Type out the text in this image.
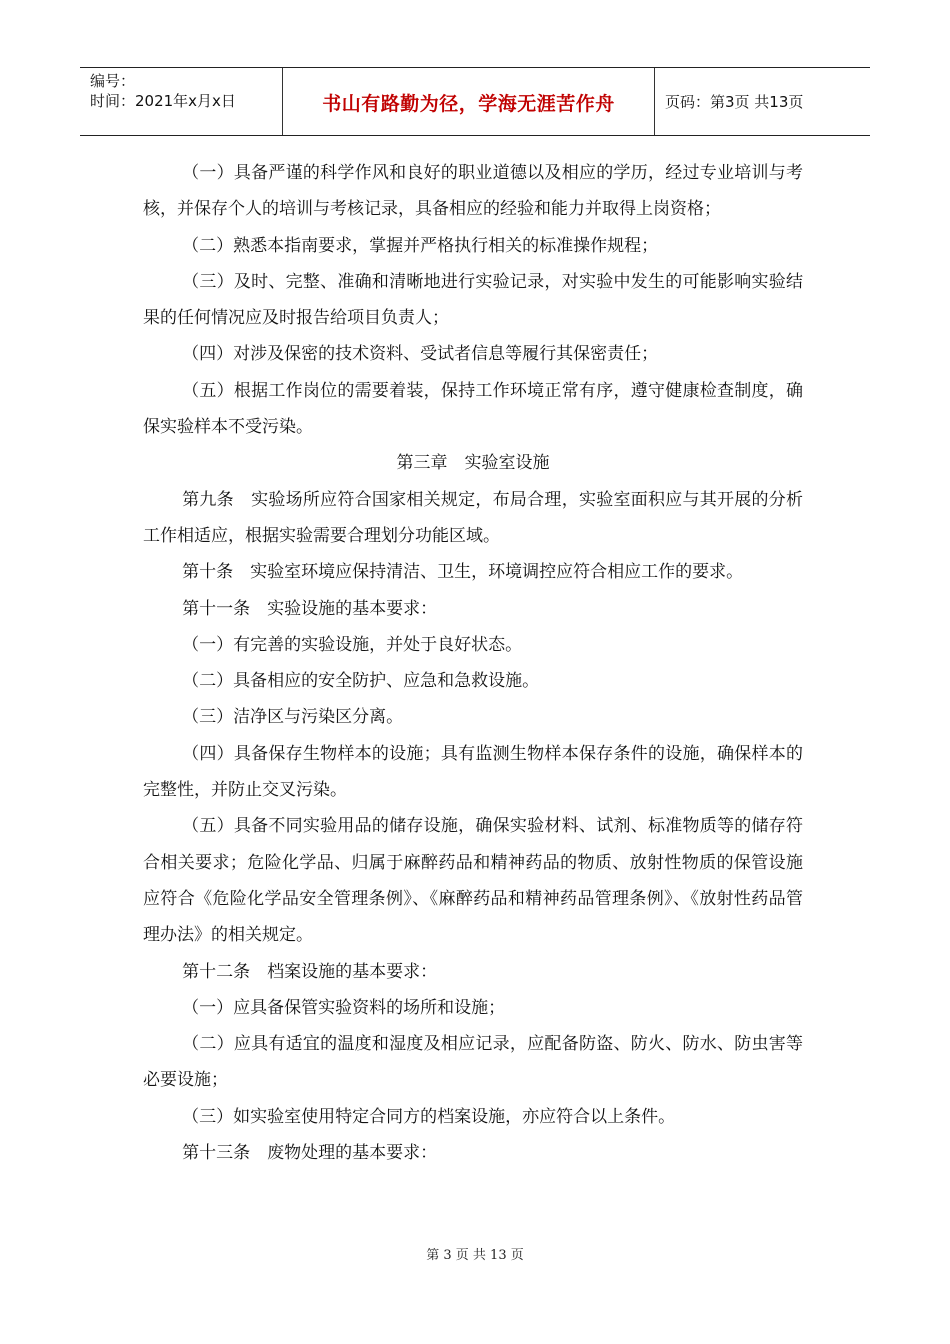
编号：
时间：2021年x月x日	书山有路勤为径，学海无涯苦作舟	页码：第3页 共13页

（一）具备严谨的科学作风和良好的职业道德以及相应的学历，经过专业培训与考核，并保存个人的培训与考核记录，具备相应的经验和能力并取得上岗资格；

（二）熟悉本指南要求，掌握并严格执行相关的标准操作规程；

（三）及时、完整、准确和清晰地进行实验记录，对实验中发生的可能影响实验结果的任何情况应及时报告给项目负责人；

（四）对涉及保密的技术资料、受试者信息等履行其保密责任；

（五）根据工作岗位的需要着装，保持工作环境正常有序，遵守健康检查制度，确保实验样本不受污染。

第三章　实验室设施

第九条　实验场所应符合国家相关规定，布局合理，实验室面积应与其开展的分析工作相适应，根据实验需要合理划分功能区域。

第十条　实验室环境应保持清洁、卫生，环境调控应符合相应工作的要求。

第十一条　实验设施的基本要求：

（一）有完善的实验设施，并处于良好状态。

（二）具备相应的安全防护、应急和急救设施。

（三）洁净区与污染区分离。

（四）具备保存生物样本的设施；具有监测生物样本保存条件的设施，确保样本的完整性，并防止交叉污染。

（五）具备不同实验用品的储存设施，确保实验材料、试剂、标准物质等的储存符合相关要求；危险化学品、归属于麻醉药品和精神药品的物质、放射性物质的保管设施应符合《危险化学品安全管理条例》、《麻醉药品和精神药品管理条例》、《放射性药品管理办法》的相关规定。

第十二条　档案设施的基本要求：

（一）应具备保管实验资料的场所和设施；

（二）应具有适宜的温度和湿度及相应记录，应配备防盗、防火、防水、防虫害等必要设施；

（三）如实验室使用特定合同方的档案设施，亦应符合以上条件。

第十三条　废物处理的基本要求：

第 3 页 共 13 页
